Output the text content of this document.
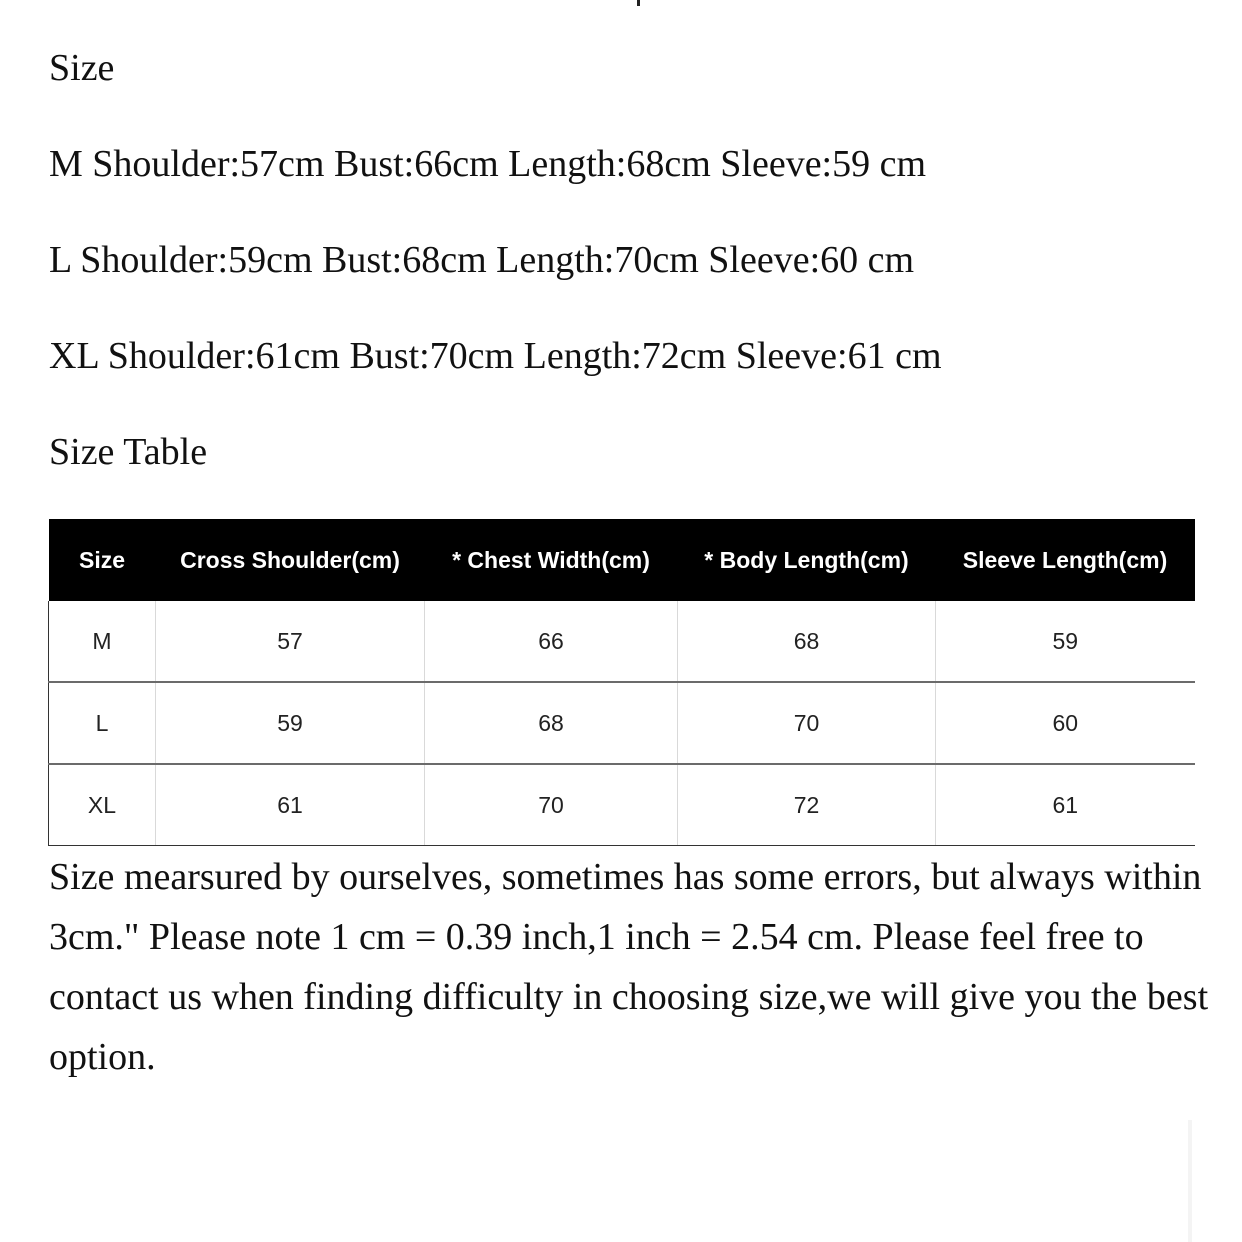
Size
M Shoulder:57cm Bust:66cm Length:68cm Sleeve:59 cm
L Shoulder:59cm Bust:68cm Length:70cm Sleeve:60 cm
XL Shoulder:61cm Bust:70cm Length:72cm Sleeve:61 cm
Size Table
Size	Cross Shoulder(cm)	* Chest Width(cm)	* Body Length(cm)	Sleeve Length(cm)
M	57	66	68	59
L	59	68	70	60
XL	61	70	72	61

Size mearsured by ourselves, sometimes has some errors, but always within 3cm." Please note 1 cm = 0.39 inch,1 inch = 2.54 cm. Please feel free to contact us when finding difficulty in choosing size,we will give you the best option.
